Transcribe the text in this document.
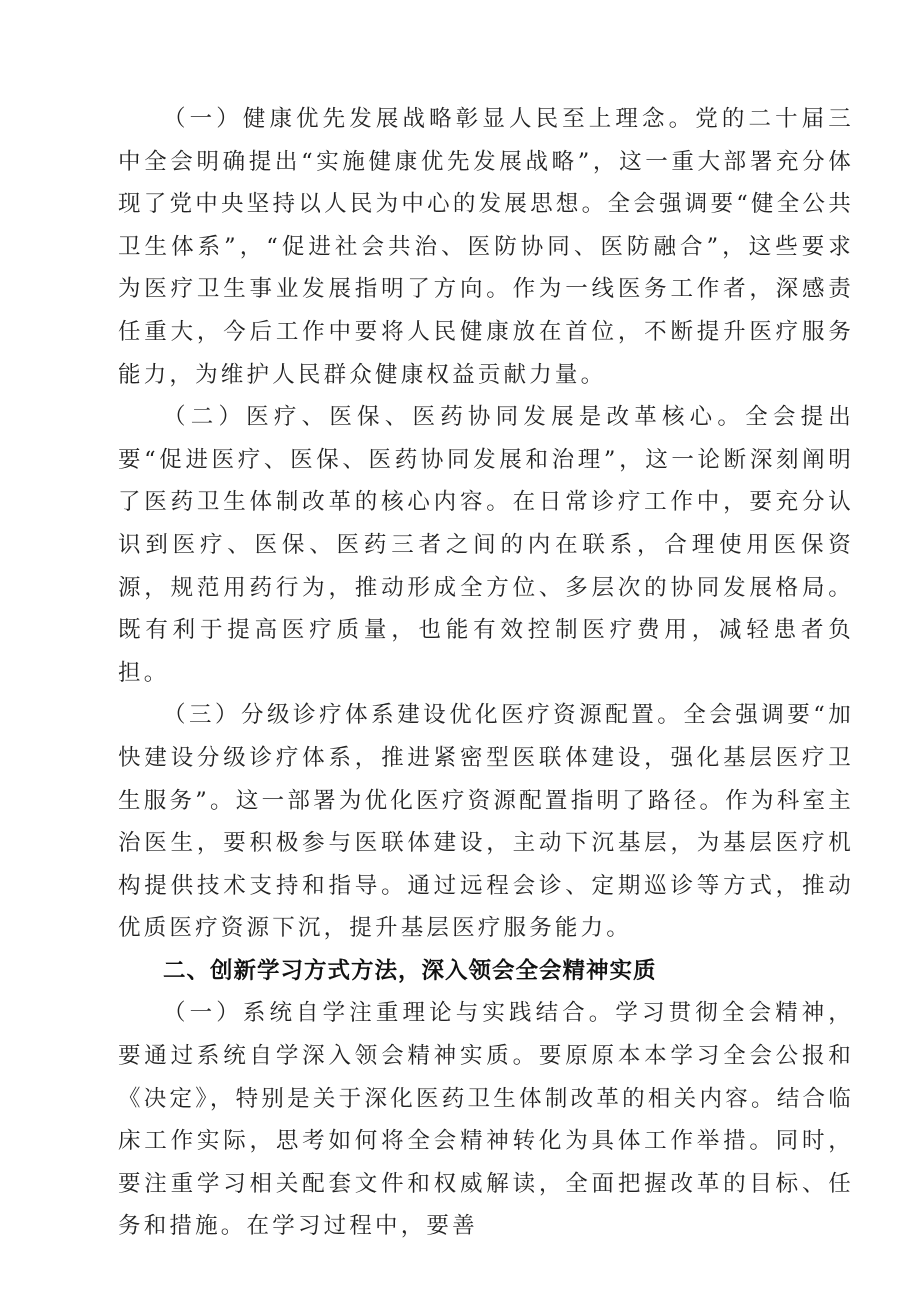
（一）健康优先发展战略彰显人民至上理念。党的二十届三中全会明确提出“实施健康优先发展战略”，这一重大部署充分体现了党中央坚持以人民为中心的发展思想。全会强调要“健全公共卫生体系”，“促进社会共治、医防协同、医防融合”，这些要求为医疗卫生事业发展指明了方向。作为一线医务工作者，深感责任重大，今后工作中要将人民健康放在首位，不断提升医疗服务能力，为维护人民群众健康权益贡献力量。

（二）医疗、医保、医药协同发展是改革核心。全会提出要“促进医疗、医保、医药协同发展和治理”，这一论断深刻阐明了医药卫生体制改革的核心内容。在日常诊疗工作中，要充分认识到医疗、医保、医药三者之间的内在联系，合理使用医保资源，规范用药行为，推动形成全方位、多层次的协同发展格局。既有利于提高医疗质量，也能有效控制医疗费用，减轻患者负担。

（三）分级诊疗体系建设优化医疗资源配置。全会强调要“加快建设分级诊疗体系，推进紧密型医联体建设，强化基层医疗卫生服务”。这一部署为优化医疗资源配置指明了路径。作为科室主治医生，要积极参与医联体建设，主动下沉基层，为基层医疗机构提供技术支持和指导。通过远程会诊、定期巡诊等方式，推动优质医疗资源下沉，提升基层医疗服务能力。

二、创新学习方式方法，深入领会全会精神实质

（一）系统自学注重理论与实践结合。学习贯彻全会精神，要通过系统自学深入领会精神实质。要原原本本学习全会公报和《决定》，特别是关于深化医药卫生体制改革的相关内容。结合临床工作实际，思考如何将全会精神转化为具体工作举措。同时，要注重学习相关配套文件和权威解读，全面把握改革的目标、任务和措施。在学习过程中，要善
